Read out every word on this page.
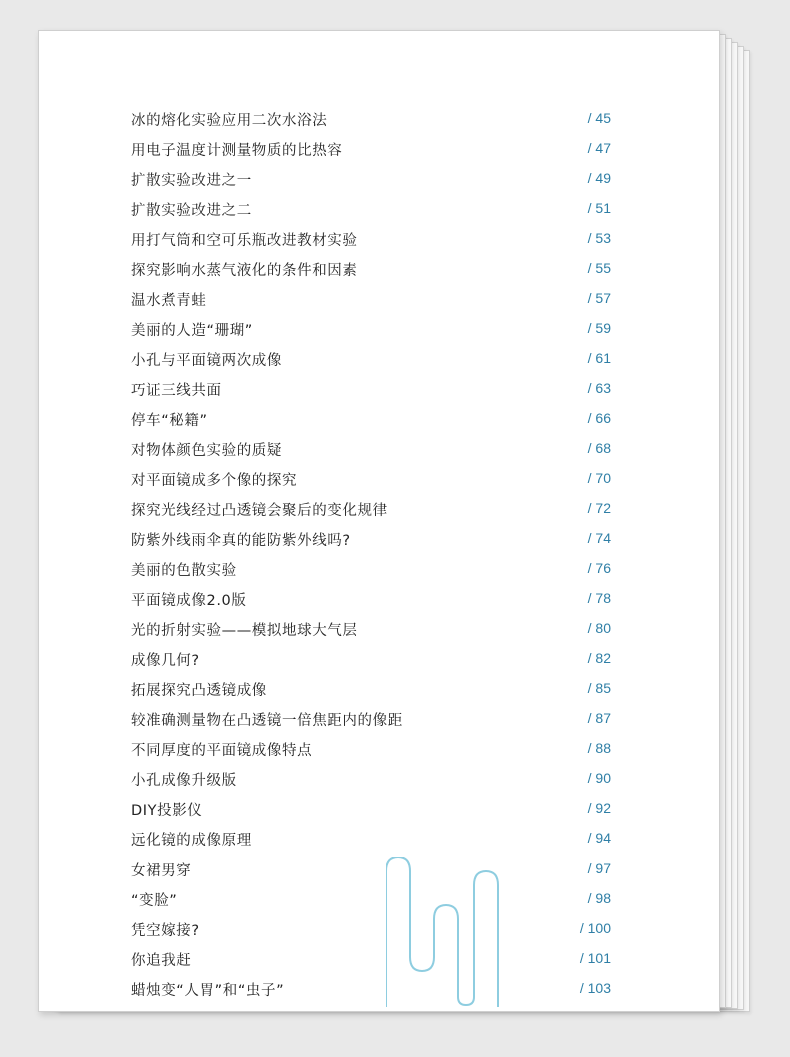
冰的熔化实验应用二次水浴法	/ 45
用电子温度计测量物质的比热容	/ 47
扩散实验改进之一	/ 49
扩散实验改进之二	/ 51
用打气筒和空可乐瓶改进教材实验	/ 53
探究影响水蒸气液化的条件和因素	/ 55
温水煮青蛙	/ 57
美丽的人造“珊瑚”	/ 59
小孔与平面镜两次成像	/ 61
巧证三线共面	/ 63
停车“秘籍”	/ 66
对物体颜色实验的质疑	/ 68
对平面镜成多个像的探究	/ 70
探究光线经过凸透镜会聚后的变化规律	/ 72
防紫外线雨伞真的能防紫外线吗?	/ 74
美丽的色散实验	/ 76
平面镜成像2.0版	/ 78
光的折射实验——模拟地球大气层	/ 80
成像几何?	/ 82
拓展探究凸透镜成像	/ 85
较准确测量物在凸透镜一倍焦距内的像距	/ 87
不同厚度的平面镜成像特点	/ 88
小孔成像升级版	/ 90
DIY投影仪	/ 92
远化镜的成像原理	/ 94
女裙男穿	/ 97
“变脸”	/ 98
凭空嫁接?	/ 100
你追我赶	/ 101
蜡烛变“人胃”和“虫子”	/ 103
